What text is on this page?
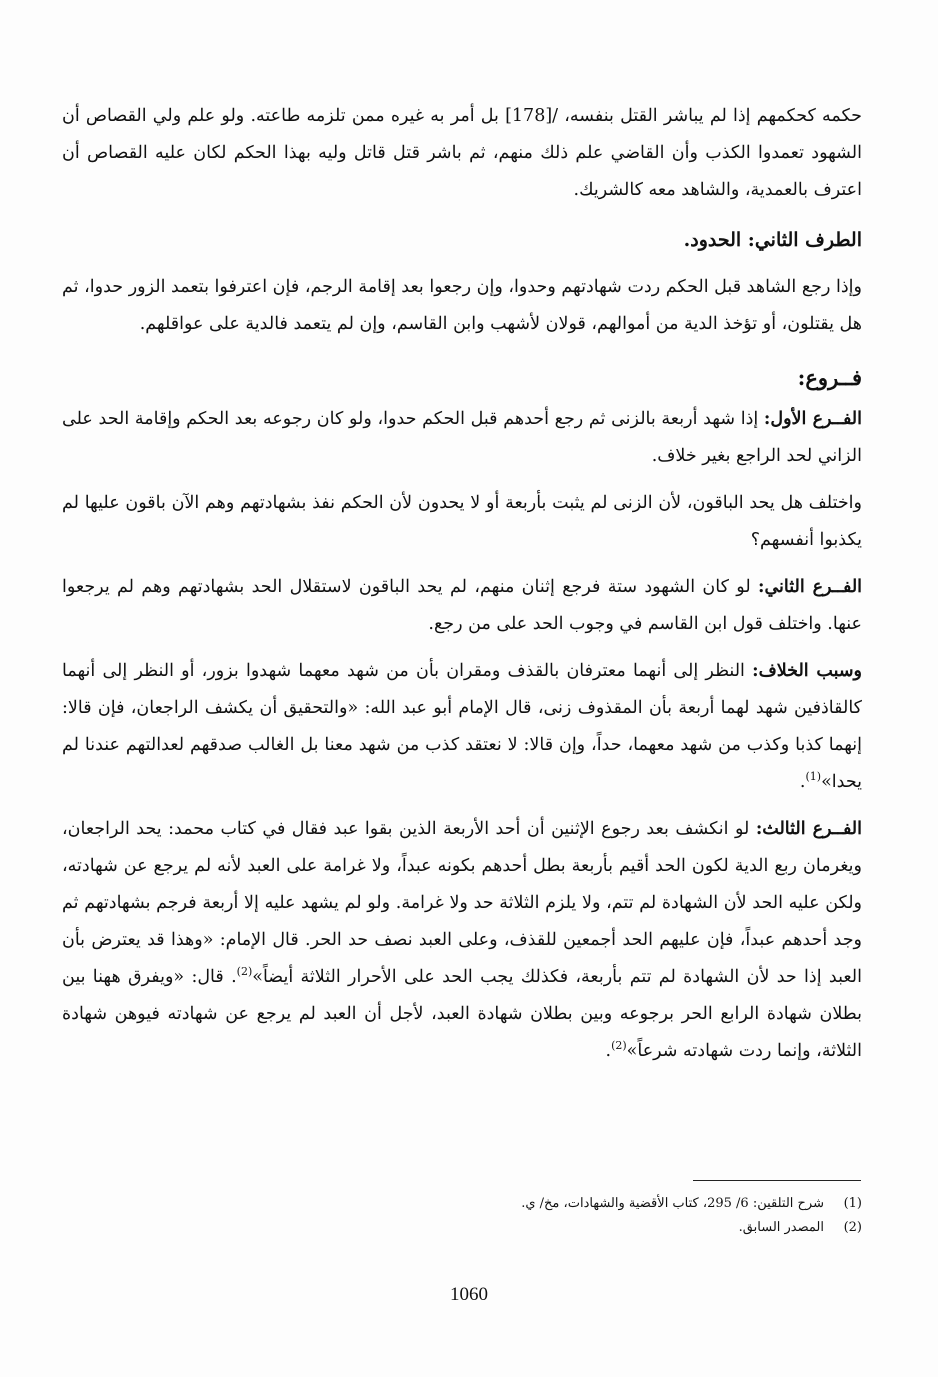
حكمه كحكمهم إذا لم يباشر القتل بنفسه، /[178] بل أمر به غيره ممن تلزمه طاعته. ولو علم ولي القصاص أن الشهود تعمدوا الكذب وأن القاضي علم ذلك منهم، ثم باشر قتل قاتل وليه بهذا الحكم لكان عليه القصاص أن اعترف بالعمدية، والشاهد معه كالشريك.

الطرف الثاني: الحدود.

وإذا رجع الشاهد قبل الحكم ردت شهادتهم وحدوا، وإن رجعوا بعد إقامة الرجم، فإن اعترفوا بتعمد الزور حدوا، ثم هل يقتلون، أو تؤخذ الدية من أموالهم، قولان لأشهب وابن القاسم، وإن لم يتعمد فالدية على عواقلهم.

فــروع:

الفــرع الأول: إذا شهد أربعة بالزنى ثم رجع أحدهم قبل الحكم حدوا، ولو كان رجوعه بعد الحكم وإقامة الحد على الزاني لحد الراجع بغير خلاف.

واختلف هل يحد الباقون، لأن الزنى لم يثبت بأربعة أو لا يحدون لأن الحكم نفذ بشهادتهم وهم الآن باقون عليها لم يكذبوا أنفسهم؟

الفــرع الثاني: لو كان الشهود ستة فرجع إثنان منهم، لم يحد الباقون لاستقلال الحد بشهادتهم وهم لم يرجعوا عنها. واختلف قول ابن القاسم في وجوب الحد على من رجع.

وسبب الخلاف: النظر إلى أنهما معترفان بالقذف ومقران بأن من شهد معهما شهدوا بزور، أو النظر إلى أنهما كالقاذفين شهد لهما أربعة بأن المقذوف زنى، قال الإمام أبو عبد الله: «والتحقيق أن يكشف الراجعان، فإن قالا: إنهما كذبا وكذب من شهد معهما، حداً، وإن قالا: لا نعتقد كذب من شهد معنا بل الغالب صدقهم لعدالتهم عندنا لم يحدا»$^{(1)}$.

الفــرع الثالث: لو انكشف بعد رجوع الإثنين أن أحد الأربعة الذين بقوا عبد فقال في كتاب محمد: يحد الراجعان، ويغرمان ربع الدية لكون الحد أقيم بأربعة بطل أحدهم بكونه عبداً، ولا غرامة على العبد لأنه لم يرجع عن شهادته، ولكن عليه الحد لأن الشهادة لم تتم، ولا يلزم الثلاثة حد ولا غرامة. ولو لم يشهد عليه إلا أربعة فرجم بشهادتهم ثم وجد أحدهم عبداً، فإن عليهم الحد أجمعين للقذف، وعلى العبد نصف حد الحر. قال الإمام: «وهذا قد يعترض بأن العبد إذا حد لأن الشهادة لم تتم بأربعة، فكذلك يجب الحد على الأحرار الثلاثة أيضاً»$^{(2)}$. قال: «ويفرق ههنا بين بطلان شهادة الرابع الحر برجوعه وبين بطلان شهادة العبد، لأجل أن العبد لم يرجع عن شهادته فيوهن شهادة الثلاثة، وإنما ردت شهادته شرعاً»$^{(2)}$.

(1)
شرح التلقين: 6/ 295، كتاب الأقضية والشهادات، مخ/ ي.
(2)
المصدر السابق.
1060
